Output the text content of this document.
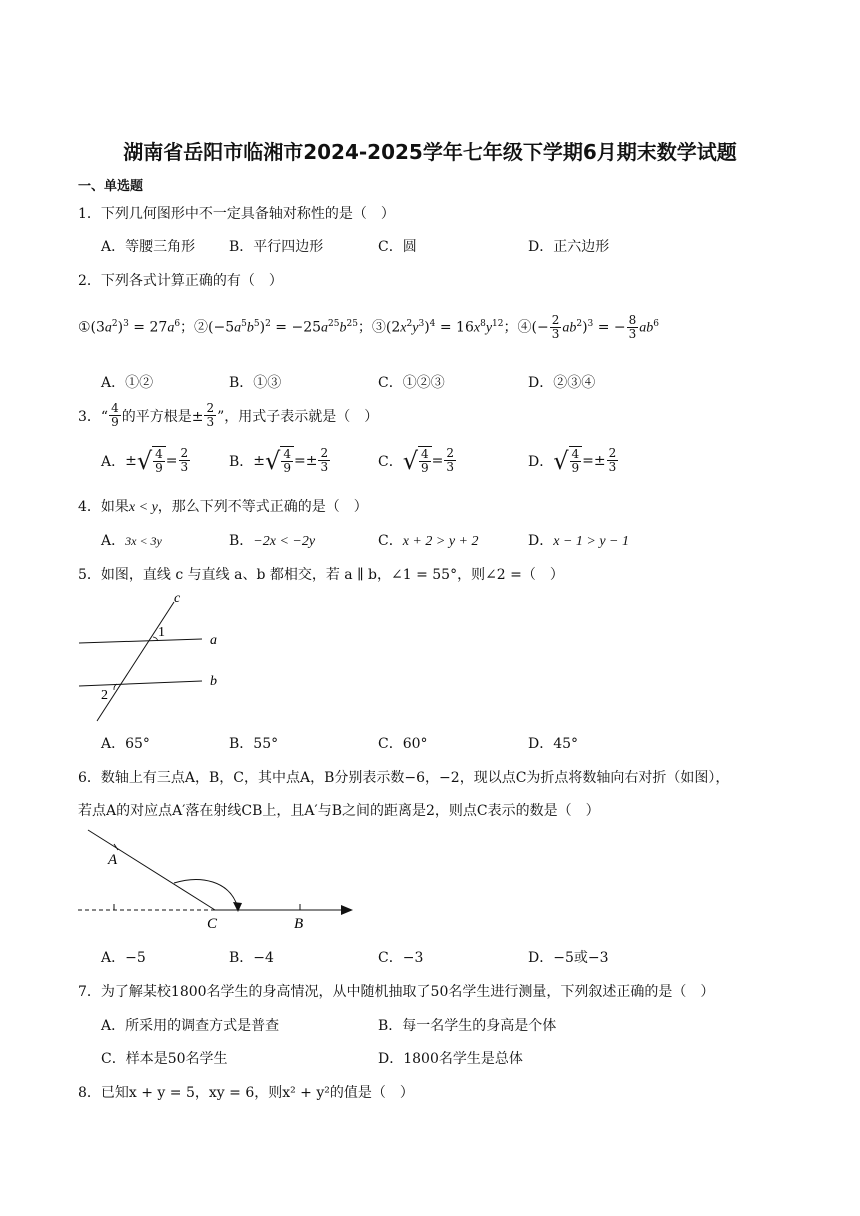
湖南省岳阳市临湘市2024-2025学年七年级下学期6月期末数学试题
一、单选题
1．下列几何图形中不一定具备轴对称性的是（　）
A．等腰三角形 B．平行四边形	C．圆	D．正六边形
2．下列各式计算正确的有（　）
$①(3a^2)^3 = 27a^6$；$②(-5a^5b^5)^2 = -25a^{25}b^{25}$；$③(2x^2y^3)^4 = 16x^8y^{12}$；④(− $\frac{2}{3} ab^2)^3$ = − $\frac{8}{3} ab^6$
A．①②	B．①③	C．①②③	D．②③④
3．“ $\frac{4}{9}$ 的平方根是± $\frac{2}{3}$ ”，用式子表示就是（　）
A． ± √ $\frac{4}{9} = \frac{2}{3}$	B． ± √ $\frac{4}{9} =\pm \frac{2}{3}$	C． √ $\frac{4}{9} = \frac{2}{3}$	D． √ $\frac{4}{9} =\pm \frac{2}{3}$
4．如果x < y，那么下列不等式正确的是（　）
A．3x < 3y	B．−2x < −2y	C．x + 2 > y + 2	D．x − 1 > y − 1
5．如图，直线 c 与直线 a、b 都相交，若 a ∥ b，∠1 = 55°，则∠2 =（　）
c
a
b
1
2
A．65°	B．55°	C．60°	D．45°
6．数轴上有三点A，B，C，其中点A，B分别表示数−6，−2，现以点C为折点将数轴向右对折（如图），
若点A的对应点A′落在射线CB上，且A′与B之间的距离是2，则点C表示的数是（　）
A
C	B
A．−5	B．−4	C．−3	D．−5或−3
7．为了解某校1800名学生的身高情况，从中随机抽取了50名学生进行测量，下列叙述正确的是（　）
A．所采用的调查方式是普查	B．每一名学生的身高是个体
C．样本是50名学生	D．1800名学生是总体
8．已知x + y = 5，xy = 6，则x² + y²的值是（　）
